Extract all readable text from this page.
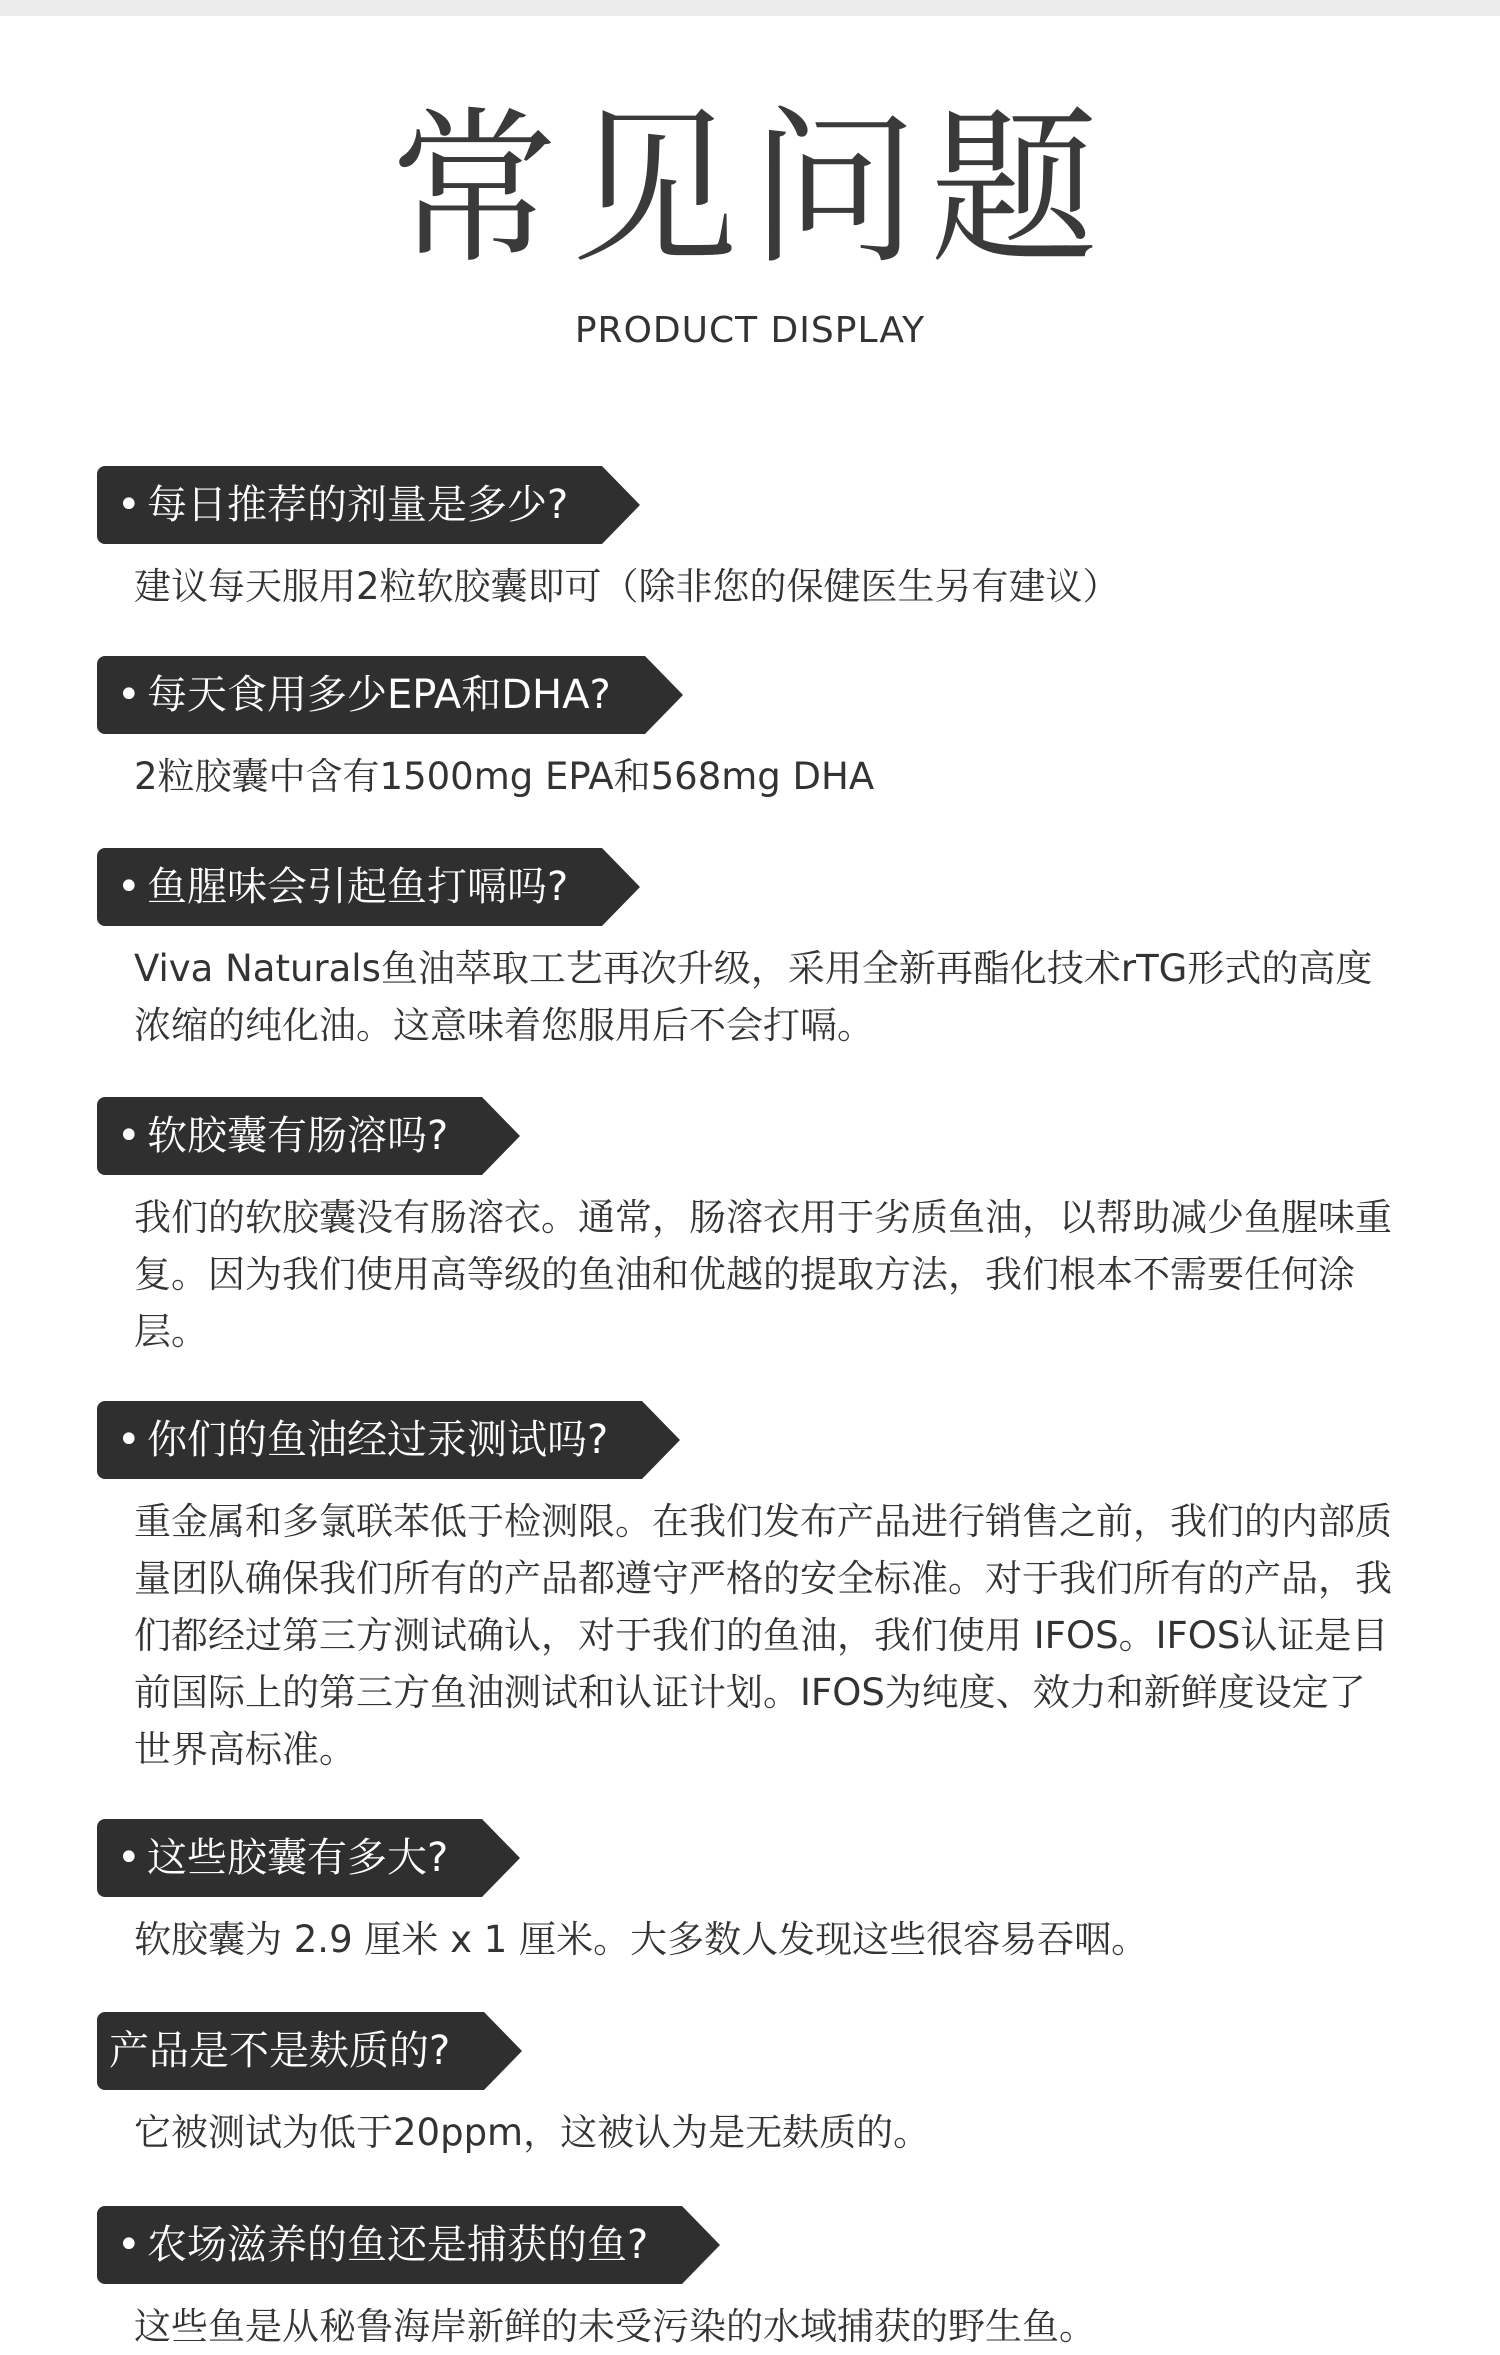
常见问题
PRODUCT DISPLAY
• 每日推荐的剂量是多少?
建议每天服用2粒软胶囊即可（除非您的保健医生另有建议）
• 每天食用多少EPA和DHA?
2粒胶囊中含有1500mg EPA和568mg DHA
• 鱼腥味会引起鱼打嗝吗?
Viva Naturals鱼油萃取工艺再次升级，采用全新再酯化技术rTG形式的高度浓缩的纯化油。这意味着您服用后不会打嗝。
• 软胶囊有肠溶吗?
我们的软胶囊没有肠溶衣。通常，肠溶衣用于劣质鱼油，以帮助减少鱼腥味重复。因为我们使用高等级的鱼油和优越的提取方法，我们根本不需要任何涂层。
• 你们的鱼油经过汞测试吗?
重金属和多氯联苯低于检测限。在我们发布产品进行销售之前，我们的内部质量团队确保我们所有的产品都遵守严格的安全标准。对于我们所有的产品，我们都经过第三方测试确认，对于我们的鱼油，我们使用 IFOS。IFOS认证是目前国际上的第三方鱼油测试和认证计划。IFOS为纯度、效力和新鲜度设定了世界高标准。
• 这些胶囊有多大?
软胶囊为 2.9 厘米 x 1 厘米。大多数人发现这些很容易吞咽。
产品是不是麸质的?
它被测试为低于20ppm，这被认为是无麸质的。
• 农场滋养的鱼还是捕获的鱼?
这些鱼是从秘鲁海岸新鲜的未受污染的水域捕获的野生鱼。
